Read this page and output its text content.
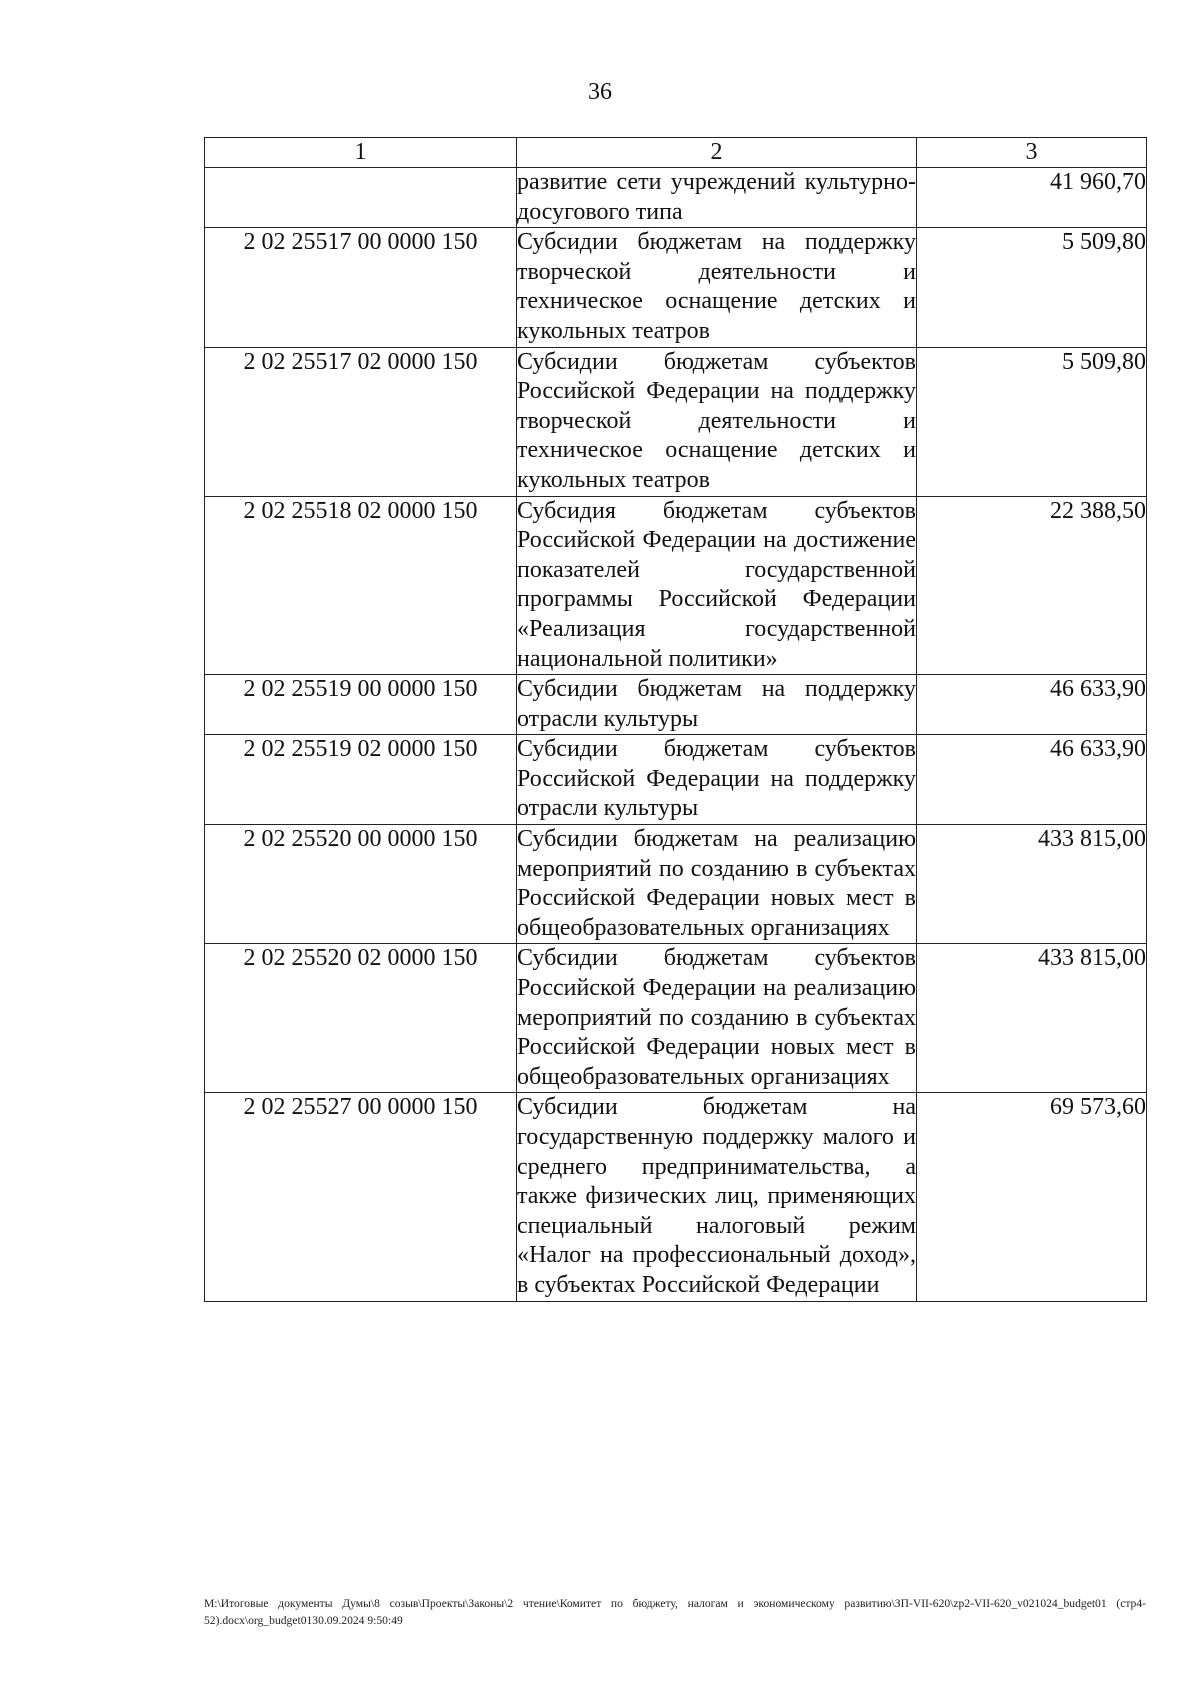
36
1	2	3
	развитие сети учреждений культурно-досугового типа	41 960,70
2 02 25517 00 0000 150	Субсидии бюджетам на поддержку творческой деятельности и техническое оснащение детских и кукольных театров	5 509,80
2 02 25517 02 0000 150	Субсидии бюджетам субъектов Российской Федерации на поддержку творческой деятельности и техническое оснащение детских и кукольных театров	5 509,80
2 02 25518 02 0000 150	Субсидия бюджетам субъектов Российской Федерации на достижение показателей государственной программы Российской Федерации «Реализация государственной национальной политики»	22 388,50
2 02 25519 00 0000 150	Субсидии бюджетам на поддержку отрасли культуры	46 633,90
2 02 25519 02 0000 150	Субсидии бюджетам субъектов Российской Федерации на поддержку отрасли культуры	46 633,90
2 02 25520 00 0000 150	Субсидии бюджетам на реализацию мероприятий по созданию в субъектах Российской Федерации новых мест в общеобразовательных организациях	433 815,00
2 02 25520 02 0000 150	Субсидии бюджетам субъектов Российской Федерации на реализацию мероприятий по созданию в субъектах Российской Федерации новых мест в общеобразовательных организациях	433 815,00
2 02 25527 00 0000 150	Субсидии бюджетам на государственную поддержку малого и среднего предпринимательства, а также физических лиц, применяющих специальный налоговый режим «Налог на профессиональный доход», в субъектах Российской Федерации	69 573,60
M:\Итоговые документы Думы\8 созыв\Проекты\Законы\2 чтение\Комитет по бюджету, налогам и экономическому развитию\ЗП-VII-620\zp2-VII-620_v021024_budget01 (стр4-52).docx\org_budget0130.09.2024 9:50:49
